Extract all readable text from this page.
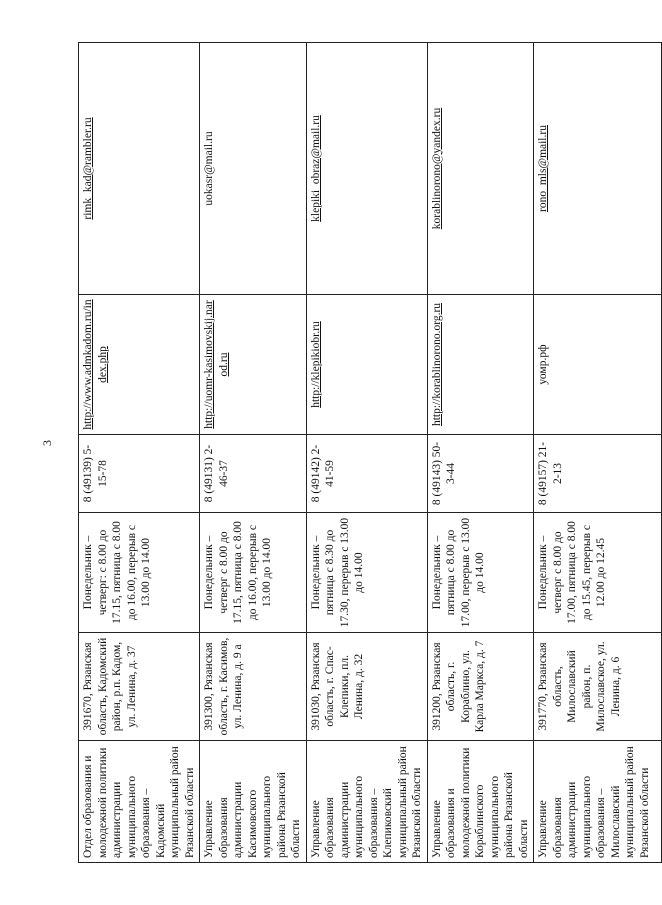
3
Отдел образования и молодежной политики администрации муниципального образования – Кадомский муниципальный район Рязанской области	391670, Рязанская область, Кадомский район, р.п. Кадом, ул. Ленина, д. 37	Понедельник – четверг: с 8.00 до 17.15, пятница с 8.00 до 16.00, перерыв с 13.00 до 14.00	8 (49139) 5-15-78	http://www.admkadom.ru/index.php	rimk_kad@rambler.ru
Управление образования администрации Касимовского муниципального района Рязанской области	391300, Рязанская область, г. Касимов, ул. Ленина, д. 9 а	Понедельник – четверг с 8.00 до 17.15, пятница с 8.00 до 16.00, перерыв с 13.00 до 14.00	8 (49131) 2-46-37	http://uomr-kasimovskij.narod.ru	uokasr@mail.ru
Управление образования администрации муниципального образования – Клепиковский муниципальный район Рязанской области	391030, Рязанская область, г. Спас-Клепики, пл. Ленина, д. 32	Понедельник – пятница с 8.30 до 17.30, перерыв с 13.00 до 14.00	8 (49142) 2-41-59	http://klepikiobr.ru	klepiki_obraz@mail.ru
Управление образования и молодежной политики Кораблинского муниципального района Рязанской области	391200, Рязанская область, г. Кораблино, ул. Карла Маркса, д. 7	Понедельник – пятница с 8.00 до 17.00, перерыв с 13.00 до 14.00	8 (49143) 50-3-44	http://korablinorono.org.ru	korablinorono@yandex.ru
Управление образования администрации муниципального образования – Милославский муниципальный район Рязанской области	391770, Рязанская область, Милославский район, п. Милославское, ул. Ленина, д. 6	Понедельник – четверг с 8.00 до 17.00, пятница с 8.00 до 15.45, перерыв с 12.00 до 12.45	8 (49157) 21-2-13	уомр.рф	rono_mls@mail.ru
